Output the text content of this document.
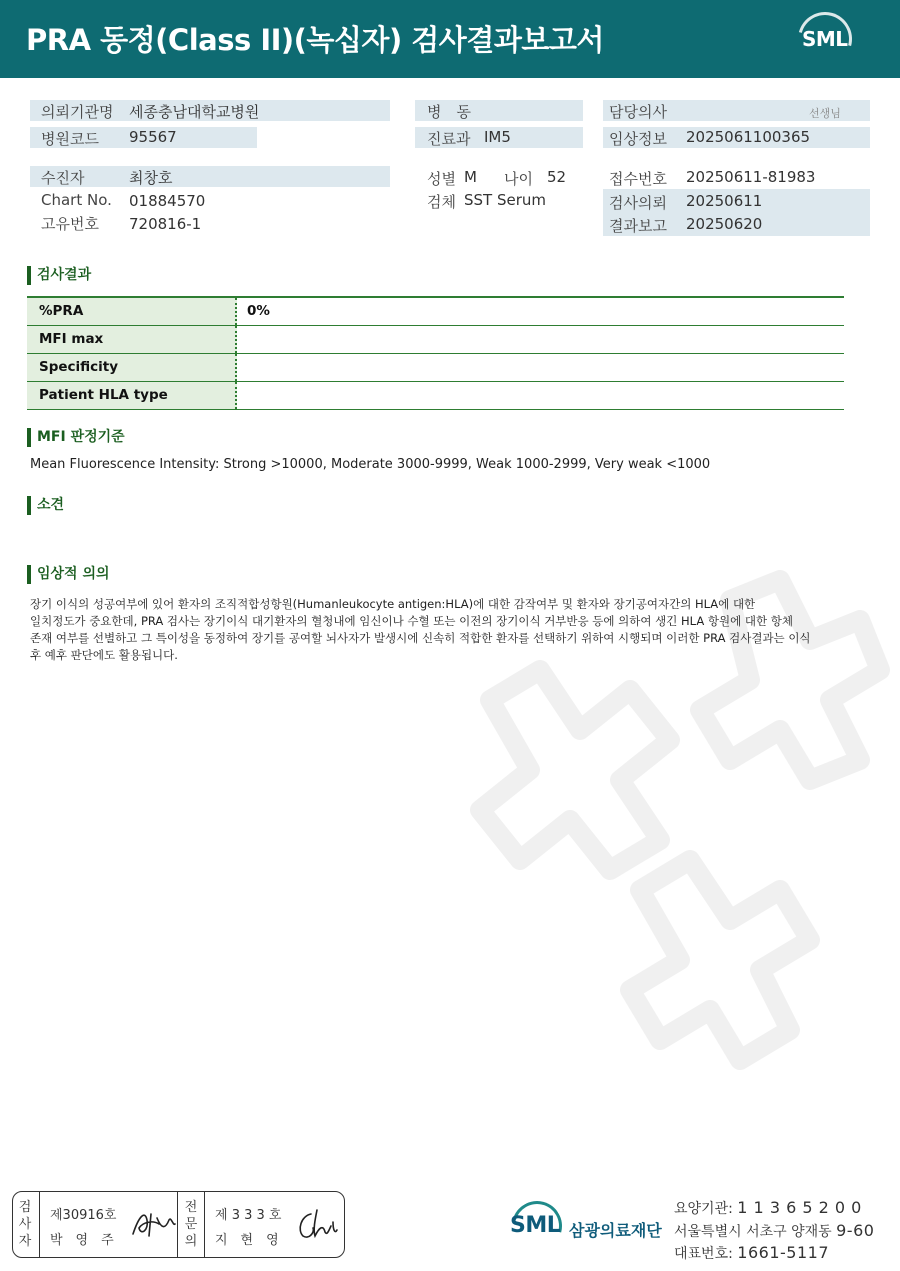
PRA 동정(Class II)(녹십자) 검사결과보고서	SML
의뢰기관명 세종충남대학교병원
병원코드 95567
병　동
진료과 IM5
담당의사	선생님
임상정보 2025061100365
수진자	최창호
Chart No. 01884570
고유번호 720816-1
성별 M 나이 52
검체 SST Serum
접수번호 20250611-81983
검사의뢰 20250611
결과보고 20250620
검사결과
%PRA	0%
MFI max
Specificity
Patient HLA type
MFI 판정기준
Mean Fluorescence Intensity: Strong >10000, Moderate 3000-9999, Weak 1000-2999, Very weak <1000
소견
임상적 의의
장기 이식의 성공여부에 있어 환자의 조직적합성항원(Humanleukocyte antigen:HLA)에 대한 감작여부 및 환자와 장기공여자간의 HLA에 대한
일치정도가 중요한데, PRA 검사는 장기이식 대기환자의 혈청내에 임신이나 수혈 또는 이전의 장기이식 거부반응 등에 의하여 생긴 HLA 항원에 대한 항체
존재 여부를 선별하고 그 특이성을 동정하여 장기를 공여할 뇌사자가 발생시에 신속히 적합한 환자를 선택하기 위하여 시행되며 이러한 PRA 검사결과는 이식
후 예후 판단에도 활용됩니다.
검
사
자
제30916호
박　영　주
전
문
의
제 3 3 3 호
지　현　영
SML 삼광의료재단
요양기관: 1 1 3 6 5 2 0 0
서울특별시 서초구 양재동 9-60
대표번호: 1661-5117
